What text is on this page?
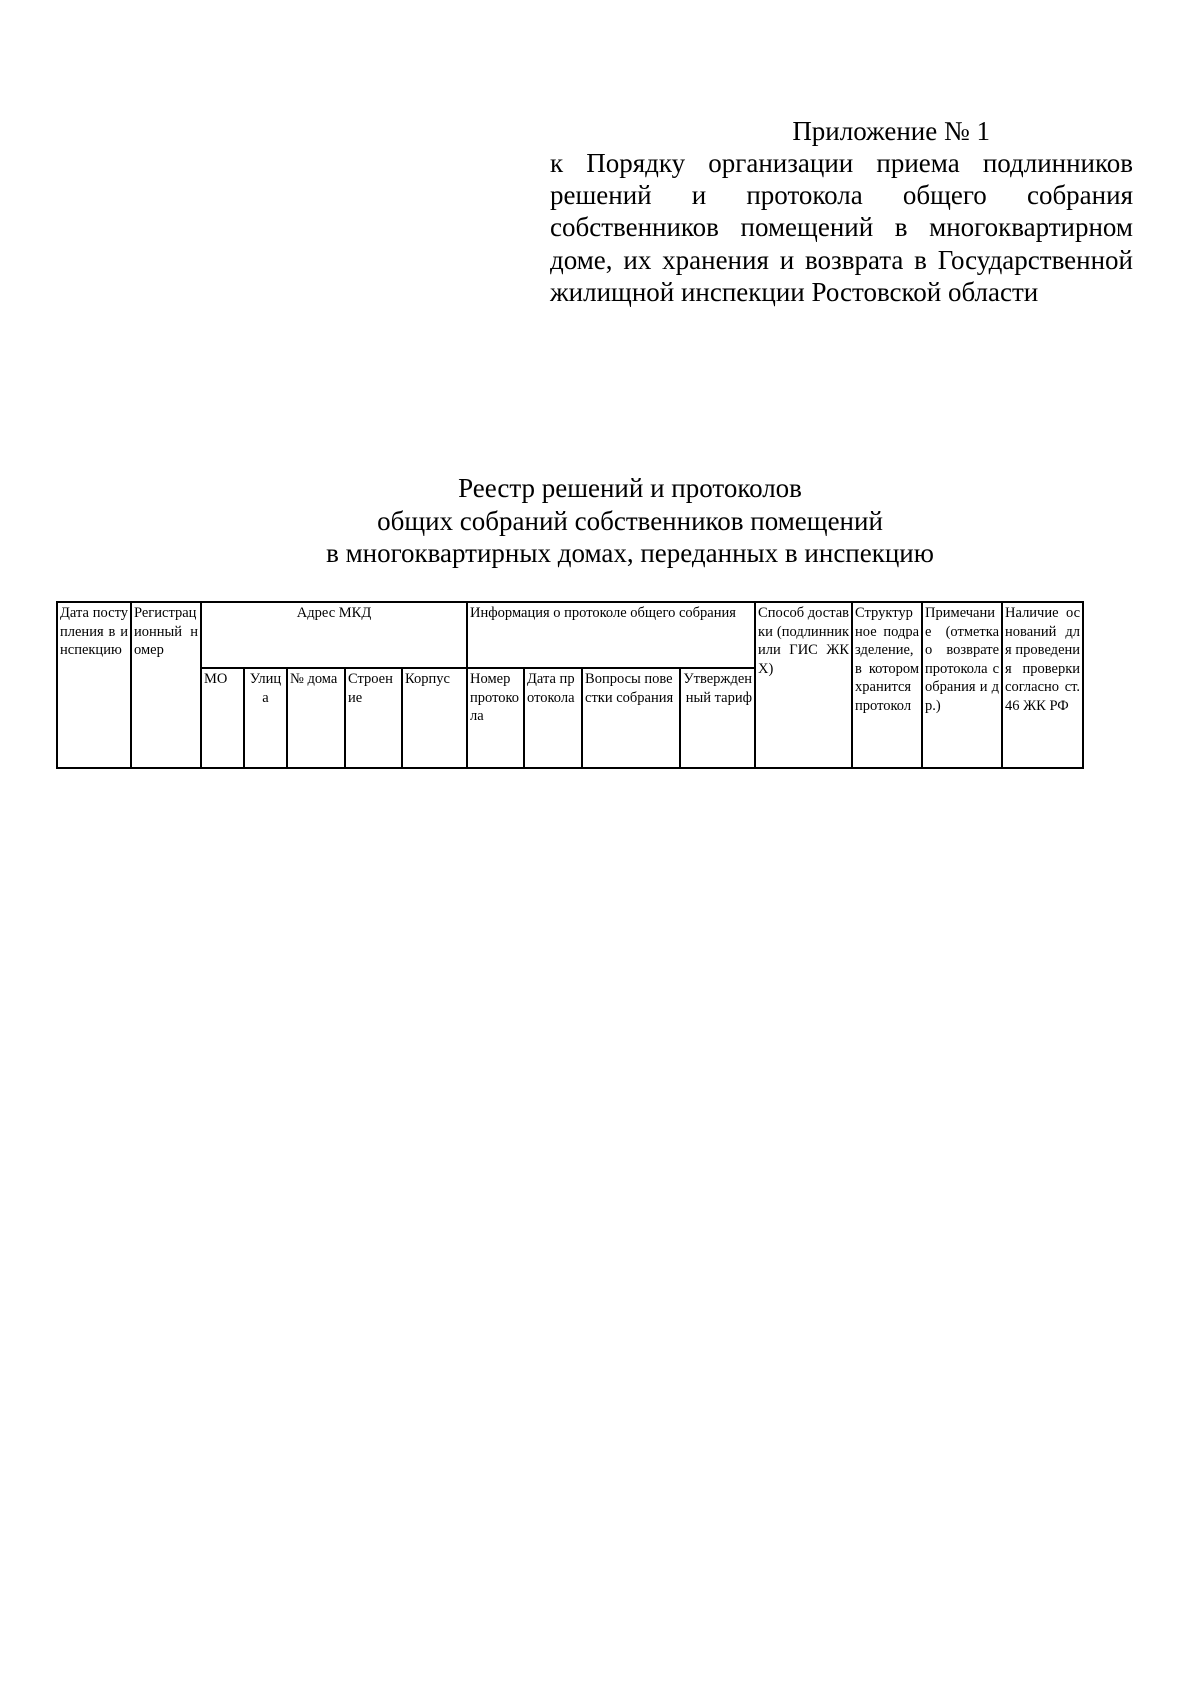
Приложение № 1
к Порядку организации приема подлинников решений и протокола общего собрания собственников помещений в многоквартирном доме, их хранения и возврата в Государственной жилищной инспекции Ростовской области
Реестр решений и протоколов
общих собраний собственников помещений
в многоквартирных домах, переданных в инспекцию
Дата поступления в инспекцию	Регистрационный номер	Адрес МКД					Информация о протоколе общего собрания				Способ доставки (подлинник или ГИС ЖКХ)	Структурное подразделение, в котором хранится протокол	Примечание (отметка о возврате протокола собрания и др.)	Наличие оснований для проведения проверки согласно ст. 46 ЖК РФ
		МО	Улица	№ дома	Строение	Корпус	Номер протокола	Дата протокола	Вопросы повестки собрания	Утвержденный тариф				
